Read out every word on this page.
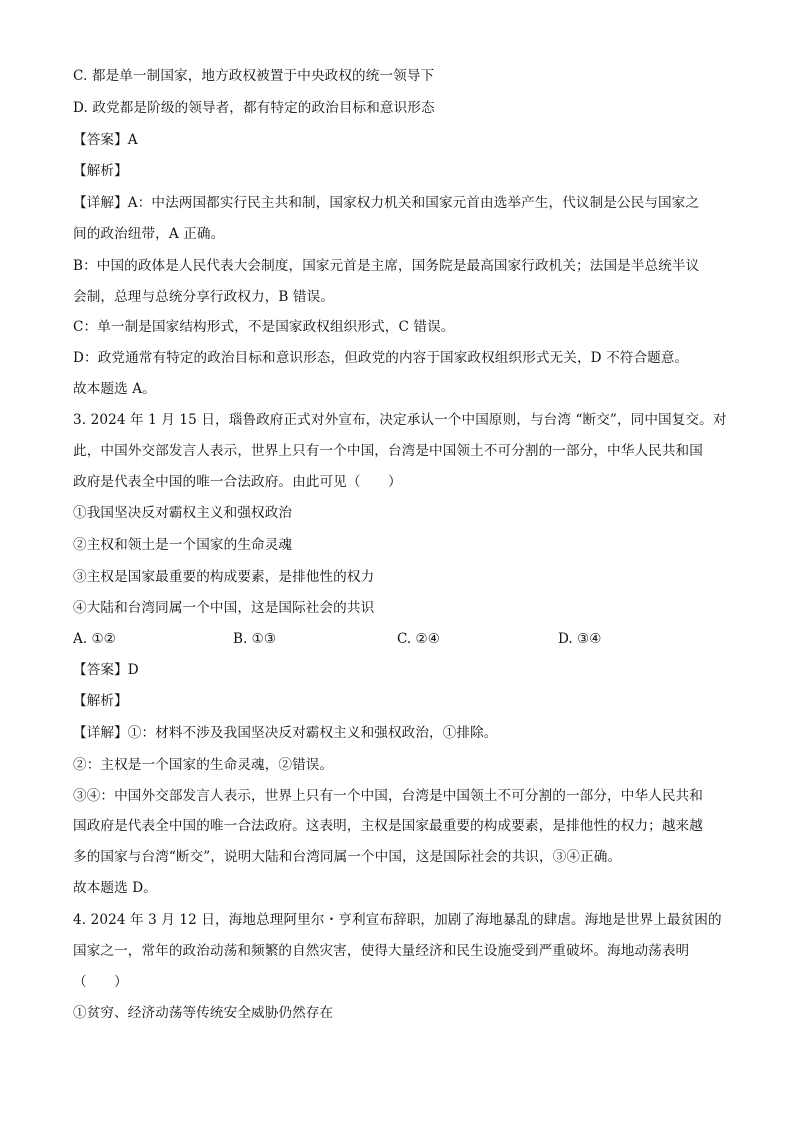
C. 都是单一制国家，地方政权被置于中央政权的统一领导下
D. 政党都是阶级的领导者，都有特定的政治目标和意识形态
【答案】A
【解析】
【详解】A：中法两国都实行民主共和制，国家权力机关和国家元首由选举产生，代议制是公民与国家之
间的政治纽带，A 正确。
B：中国的政体是人民代表大会制度，国家元首是主席，国务院是最高国家行政机关；法国是半总统半议
会制，总理与总统分享行政权力，B 错误。
C：单一制是国家结构形式，不是国家政权组织形式，C 错误。
D：政党通常有特定的政治目标和意识形态，但政党的内容于国家政权组织形式无关，D 不符合题意。
故本题选 A。
3. 2024 年 1 月 15 日，瑙鲁政府正式对外宣布，决定承认一个中国原则，与台湾 “断交”，同中国复交。对
此，中国外交部发言人表示，世界上只有一个中国，台湾是中国领土不可分割的一部分，中华人民共和国
政府是代表全中国的唯一合法政府。由此可见（　　）
①我国坚决反对霸权主义和强权政治
②主权和领土是一个国家的生命灵魂
③主权是国家最重要的构成要素，是排他性的权力
④大陆和台湾同属一个中国，这是国际社会的共识
A. ①②	B. ①③	C. ②④	D. ③④
【答案】D
【解析】
【详解】①：材料不涉及我国坚决反对霸权主义和强权政治，①排除。
②：主权是一个国家的生命灵魂，②错误。
③④：中国外交部发言人表示，世界上只有一个中国，台湾是中国领土不可分割的一部分，中华人民共和
国政府是代表全中国的唯一合法政府。这表明，主权是国家最重要的构成要素，是排他性的权力；越来越
多的国家与台湾“断交”，说明大陆和台湾同属一个中国，这是国际社会的共识，③④正确。
故本题选 D。
4. 2024 年 3 月 12 日，海地总理阿里尔・亨利宣布辞职，加剧了海地暴乱的肆虐。海地是世界上最贫困的
国家之一，常年的政治动荡和频繁的自然灾害，使得大量经济和民生设施受到严重破坏。海地动荡表明
（　　）
①贫穷、经济动荡等传统安全威胁仍然存在
